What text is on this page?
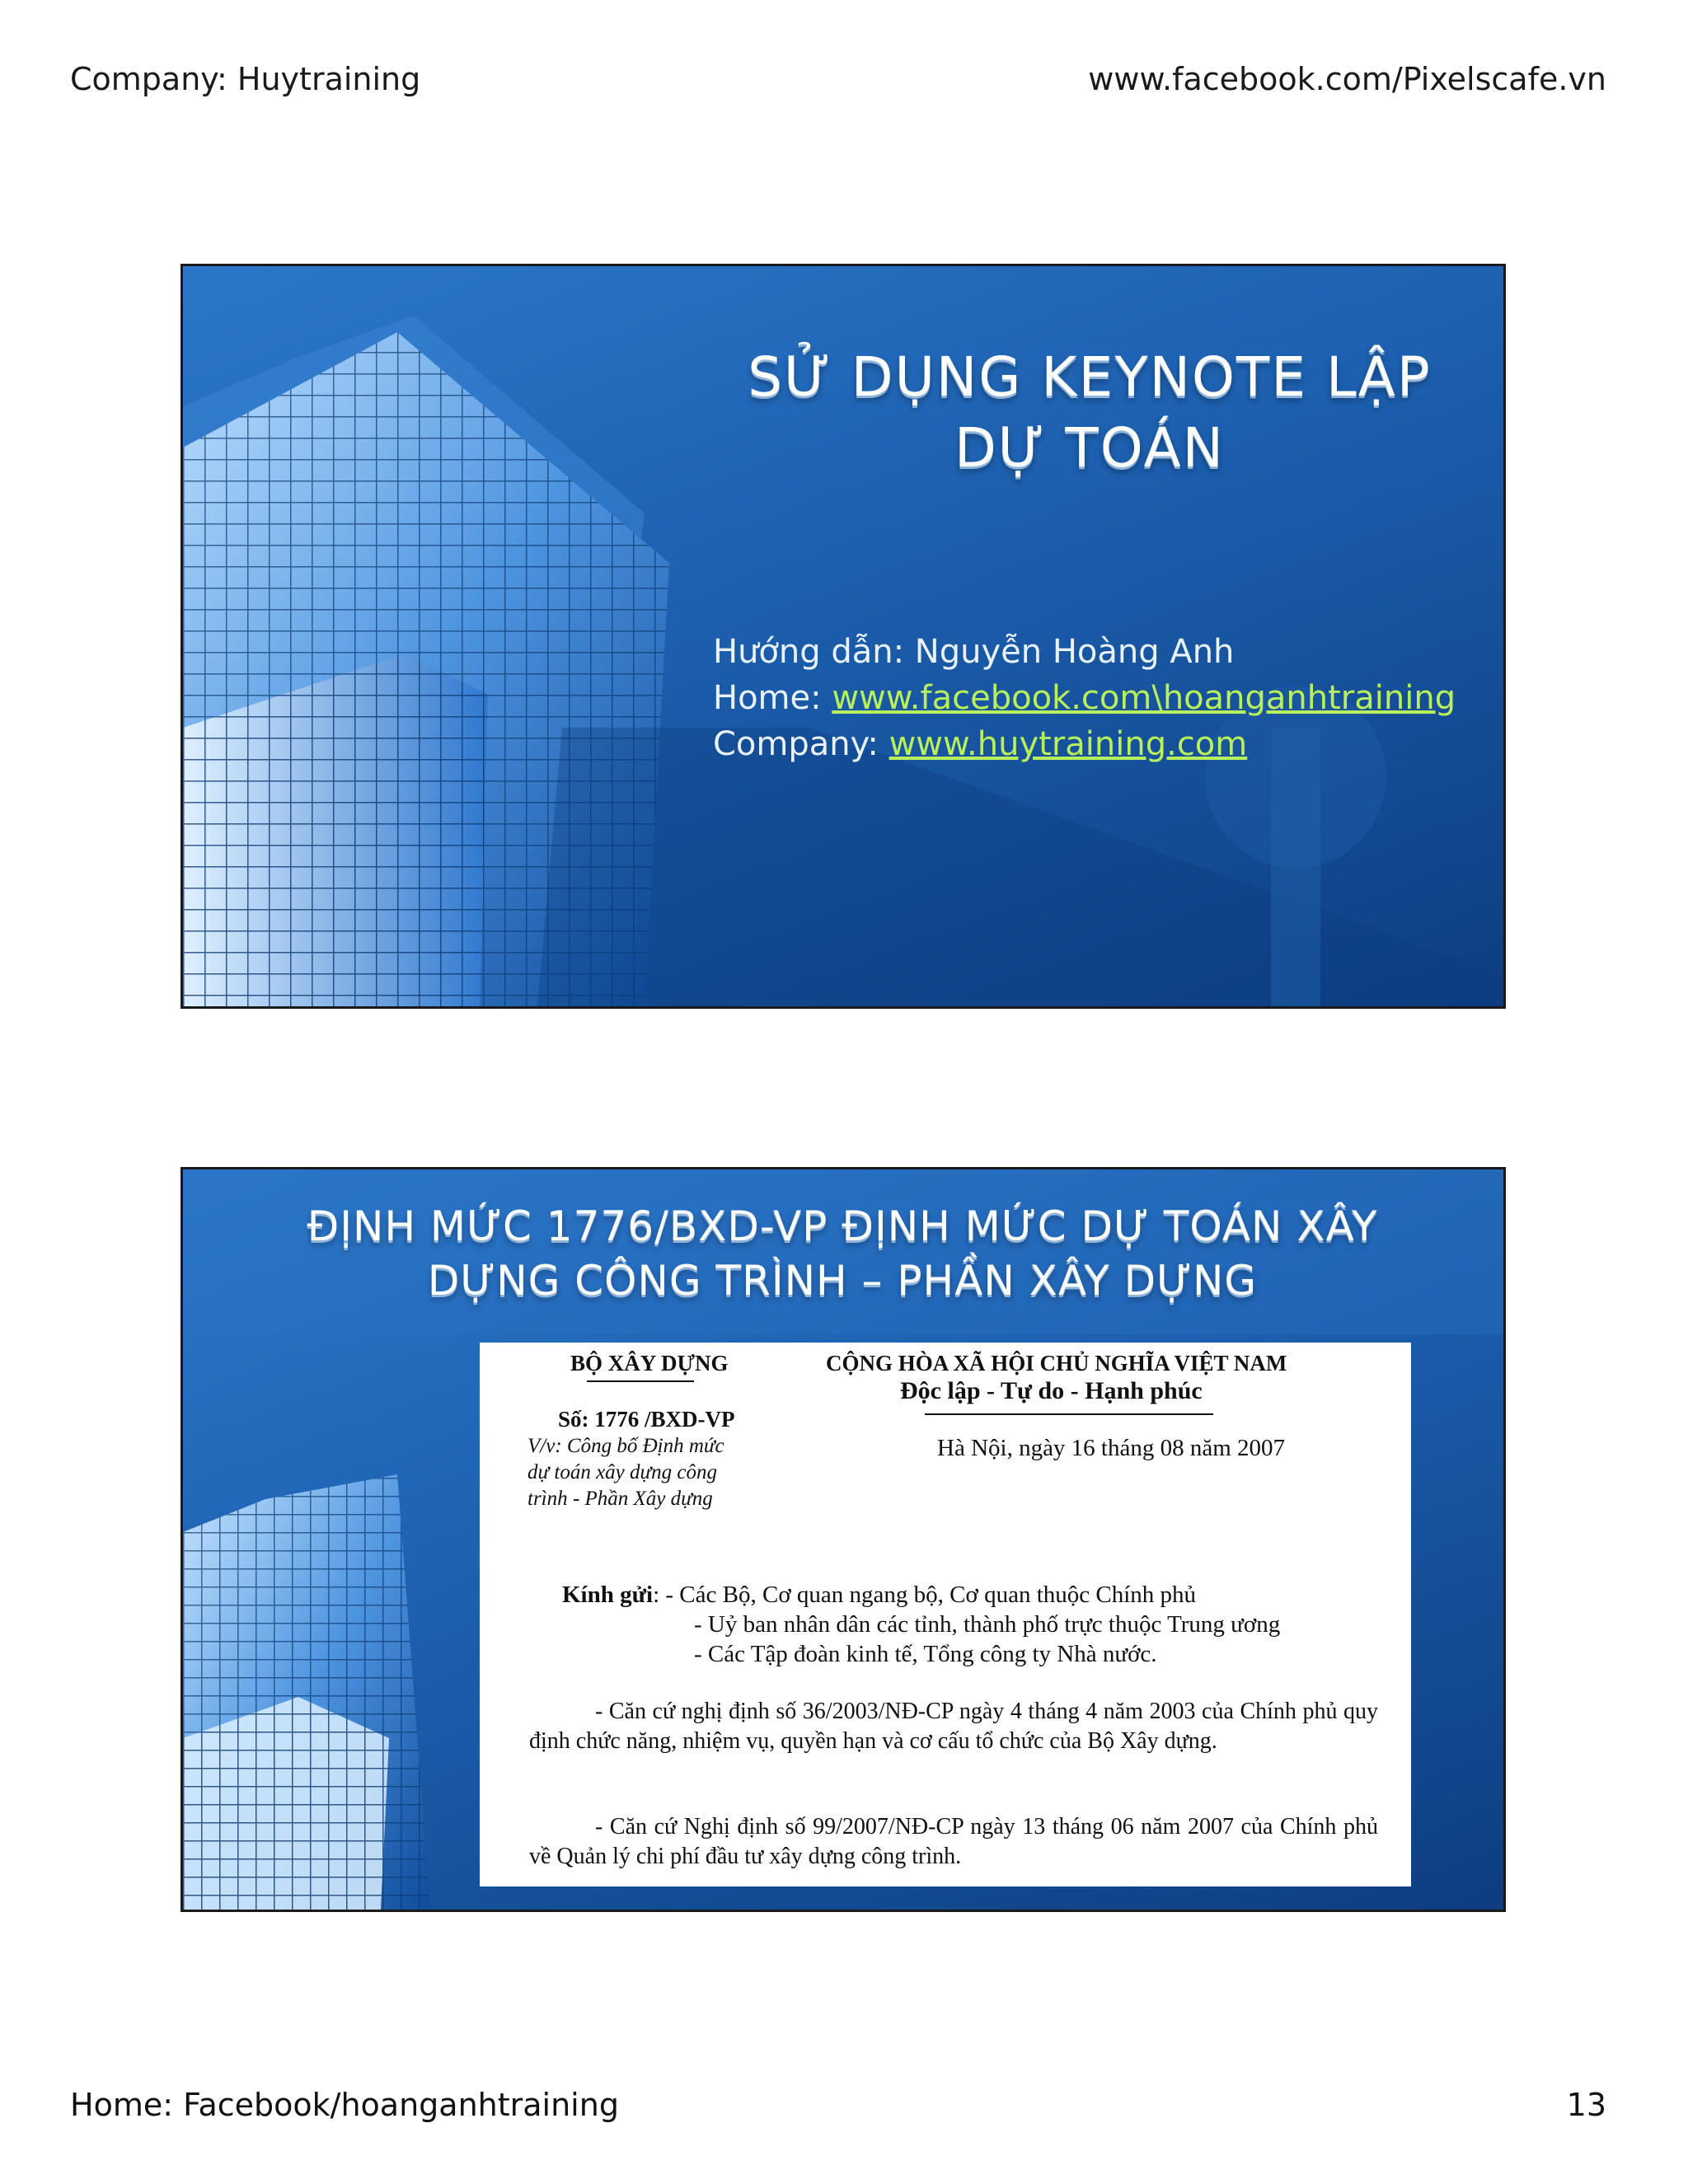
Company: Huytraining	www.facebook.com/Pixelscafe.vn
SỬ DỤNG KEYNOTE LẬP
DỰ TOÁN
Hướng dẫn: Nguyễn Hoàng Anh
Home: www.facebook.com\hoanganhtraining
Company: www.huytraining.com
ĐỊNH MỨC 1776/BXD-VP ĐỊNH MỨC DỰ TOÁN XÂY
DỰNG CÔNG TRÌNH – PHẦN XÂY DỰNG
BỘ XÂY DỰNG	CỘNG HÒA XÃ HỘI CHỦ NGHĨA VIỆT NAM
Độc lập - Tự do - Hạnh phúc
Số: 1776 /BXD-VP
V/v: Công bố Định mức
dự toán xây dựng công
trình - Phần Xây dựng
Hà Nội, ngày 16 tháng 08 năm 2007
Kính gửi: - Các Bộ, Cơ quan ngang bộ, Cơ quan thuộc Chính phủ
- Uỷ ban nhân dân các tỉnh, thành phố trực thuộc Trung ương
- Các Tập đoàn kinh tế, Tổng công ty Nhà nước.
- Căn cứ nghị định số 36/2003/NĐ-CP ngày 4 tháng 4 năm 2003 của Chính phủ quy định chức năng, nhiệm vụ, quyền hạn và cơ cấu tổ chức của Bộ Xây dựng.
- Căn cứ Nghị định số 99/2007/NĐ-CP ngày 13 tháng 06 năm 2007 của Chính phủ về Quản lý chi phí đầu tư xây dựng công trình.
Home: Facebook/hoanganhtraining	13
